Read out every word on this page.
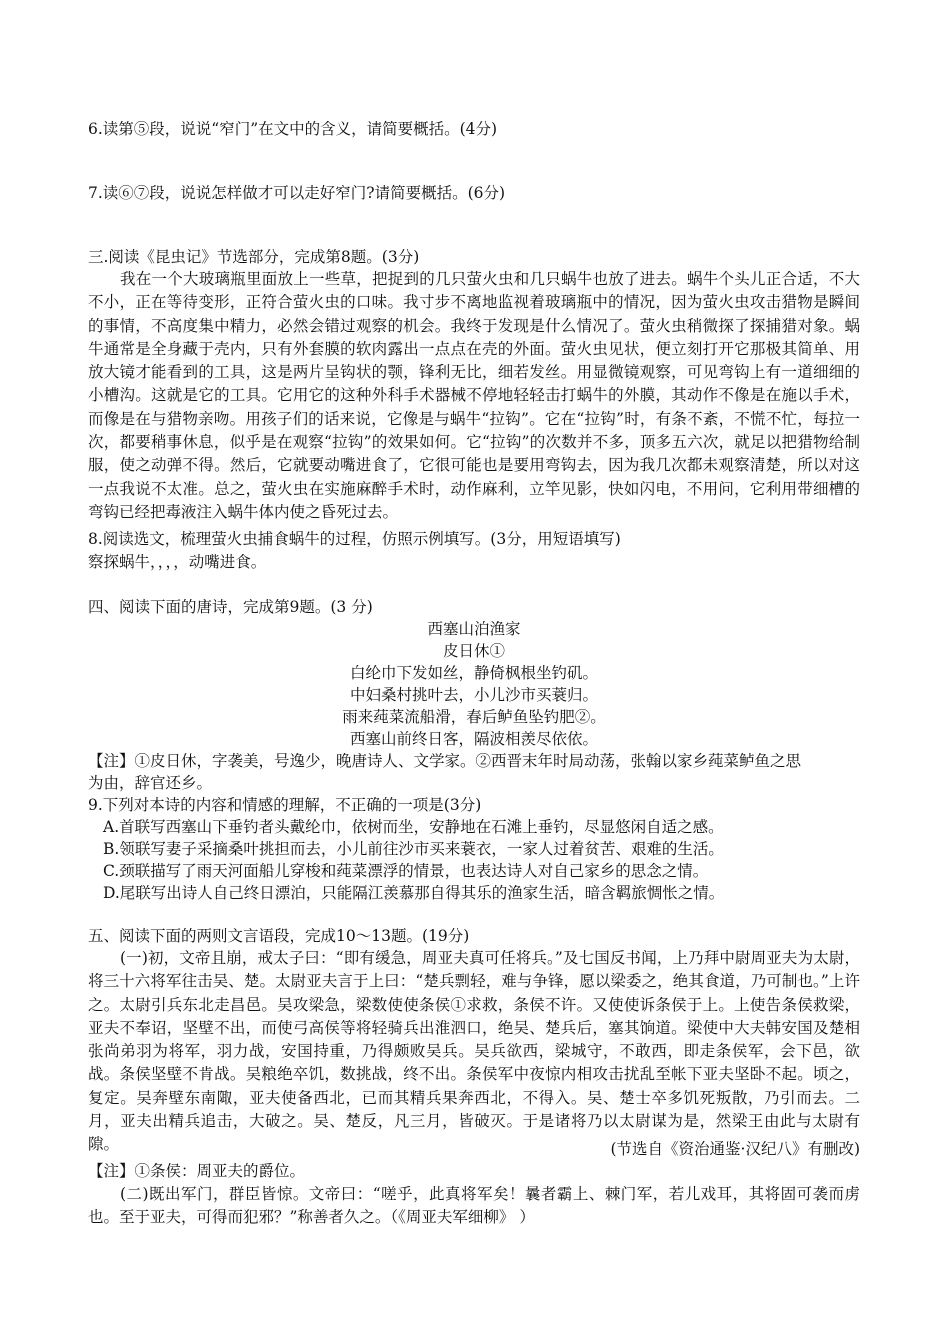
6.读第⑤段，说说“窄门”在文中的含义，请简要概括。(4分)
7.读⑥⑦段，说说怎样做才可以走好窄门?请简要概括。(6分)
三.阅读《昆虫记》节选部分，完成第8题。(3分)

我在一个大玻璃瓶里面放上一些草，把捉到的几只萤火虫和几只蜗牛也放了进去。蜗牛个头儿正合适，不大不小，正在等待变形，正符合萤火虫的口味。我寸步不离地监视着玻璃瓶中的情况，因为萤火虫攻击猎物是瞬间的事情，不高度集中精力，必然会错过观察的机会。我终于发现是什么情况了。萤火虫稍微探了探捕猎对象。蜗牛通常是全身藏于壳内，只有外套膜的软肉露出一点点在壳的外面。萤火虫见状，便立刻打开它那极其简单、用放大镜才能看到的工具，这是两片呈钩状的颚，锋利无比，细若发丝。用显微镜观察，可见弯钩上有一道细细的小槽沟。这就是它的工具。它用它的这种外科手术器械不停地轻轻击打蜗牛的外膜，其动作不像是在施以手术，而像是在与猎物亲吻。用孩子们的话来说，它像是与蜗牛“拉钩”。它在“拉钩”时，有条不紊，不慌不忙，每拉一次，都要稍事休息，似乎是在观察“拉钩”的效果如何。它“拉钩”的次数并不多，顶多五六次，就足以把猎物给制服，使之动弹不得。然后，它就要动嘴进食了，它很可能也是要用弯钩去，因为我几次都未观察清楚，所以对这一点我说不太准。总之，萤火虫在实施麻醉手术时，动作麻利，立竿见影，快如闪电，不用问，它利用带细槽的弯钩已经把毒液注入蜗牛体内使之昏死过去。

8.阅读选文，梳理萤火虫捕食蜗牛的过程，仿照示例填写。(3分，用短语填写)
察探蜗牛，，，，动嘴进食。
四、阅读下面的唐诗，完成第9题。(3 分)
西塞山泊渔家
皮日休①
白纶巾下发如丝，静倚枫根坐钓矶。
中妇桑村挑叶去，小儿沙市买蓑归。
雨来莼菜流船滑，春后鲈鱼坠钓肥②。
西塞山前终日客，隔波相羡尽依依。
【注】①皮日休，字袭美，号逸少，晚唐诗人、文学家。②西晋末年时局动荡，张翰以家乡莼菜鲈鱼之思
为由，辞官还乡。
9.下列对本诗的内容和情感的理解，不正确的一项是(3分)
A.首联写西塞山下垂钓者头戴纶巾，依树而坐，安静地在石滩上垂钓，尽显悠闲自适之感。
B.领联写妻子采摘桑叶挑担而去，小儿前往沙市买来蓑衣，一家人过着贫苦、艰难的生活。
C.颈联描写了雨天河面船儿穿梭和莼菜漂浮的情景，也表达诗人对自己家乡的思念之情。
D.尾联写出诗人自己终日漂泊，只能隔江羡慕那自得其乐的渔家生活，暗含羁旅惆怅之情。
五、阅读下面的两则文言语段，完成10～13题。(19分)

(一)初，文帝且崩，戒太子曰：“即有缓急，周亚夫真可任将兵。”及七国反书闻，上乃拜中尉周亚夫为太尉，将三十六将军往击吴、楚。太尉亚夫言于上曰：“楚兵剽轻，难与争锋，愿以梁委之，绝其食道，乃可制也。”上许之。太尉引兵东北走昌邑。吴攻梁急，梁数使使条侯①求救，条侯不许。又使使诉条侯于上。上使告条侯救梁，亚夫不奉诏，坚壁不出，而使弓高侯等将轻骑兵出淮泗口，绝吴、楚兵后，塞其饷道。梁使中大夫韩安国及楚相张尚弟羽为将军，羽力战，安国持重，乃得颇败吴兵。吴兵欲西，梁城守，不敢西，即走条侯军，会下邑，欲战。条侯坚壁不肯战。吴粮绝卒饥，数挑战，终不出。条侯军中夜惊内相攻击扰乱至帐下亚夫坚卧不起。顷之，复定。吴奔壁东南陬，亚夫使备西北，已而其精兵果奔西北，不得入。吴、楚士卒多饥死叛散，乃引而去。二月，亚夫出精兵追击，大破之。吴、楚反，凡三月，皆破灭。于是诸将乃以太尉谋为是，然梁王由此与太尉有隙。	(节选自《资治通鉴·汉纪八》有删改)
【注】①条侯：周亚夫的爵位。

(二)既出军门，群臣皆惊。文帝曰：“嗟乎，此真将军矣！曩者霸上、棘门军，若儿戏耳，其将固可袭而虏也。至于亚夫，可得而犯邪？”称善者久之。（《周亚夫军细柳》 ）
